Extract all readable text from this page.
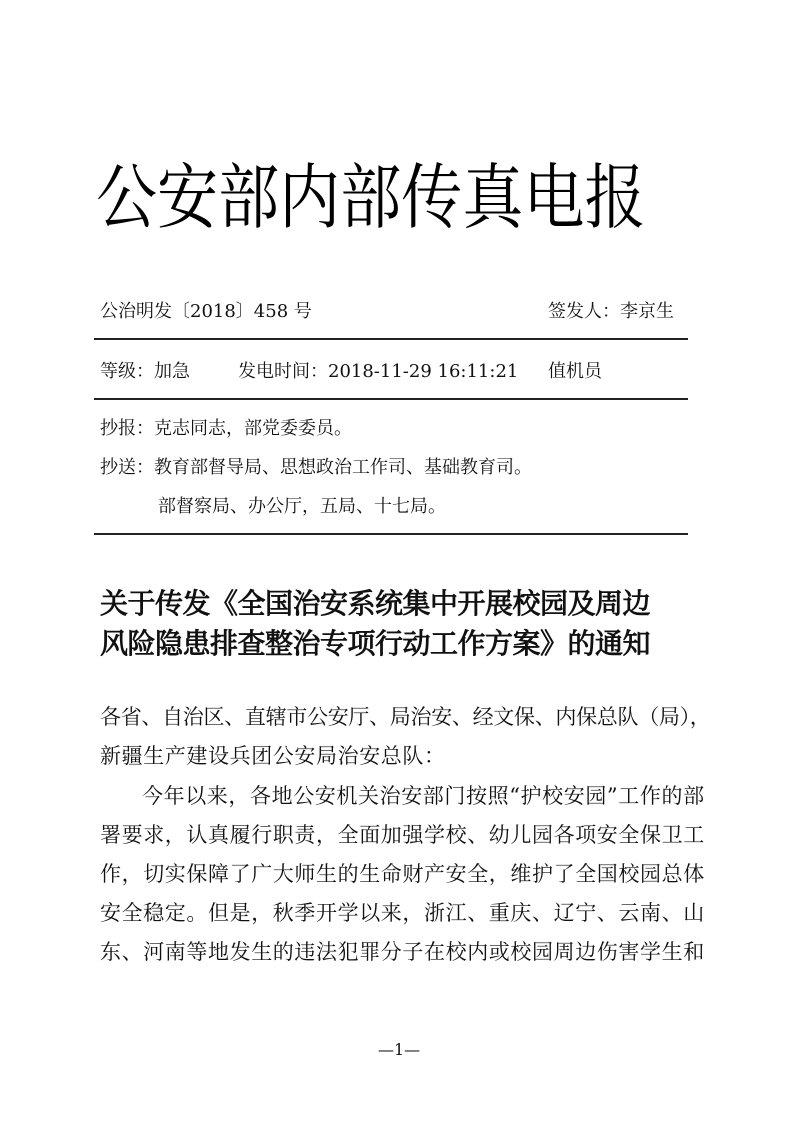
公安部内部传真电报
公治明发〔2018〕458 号	签发人：李京生
等级：加急	发电时间：2018-11-29 16:11:21 值机员
抄报：克志同志，部党委委员。
抄送：教育部督导局、思想政治工作司、基础教育司。
部督察局、办公厅，五局、十七局。
关于传发《全国治安系统集中开展校园及周边
风险隐患排查整治专项行动工作方案》的通知
各省、自治区、直辖市公安厅、局治安、经文保、内保总队（局），
新疆生产建设兵团公安局治安总队：
今年以来，各地公安机关治安部门按照“护校安园”工作的部
署要求，认真履行职责，全面加强学校、幼儿园各项安全保卫工
作，切实保障了广大师生的生命财产安全，维护了全国校园总体
安全稳定。但是，秋季开学以来，浙江、重庆、辽宁、云南、山
东、河南等地发生的违法犯罪分子在校内或校园周边伤害学生和
—1—
